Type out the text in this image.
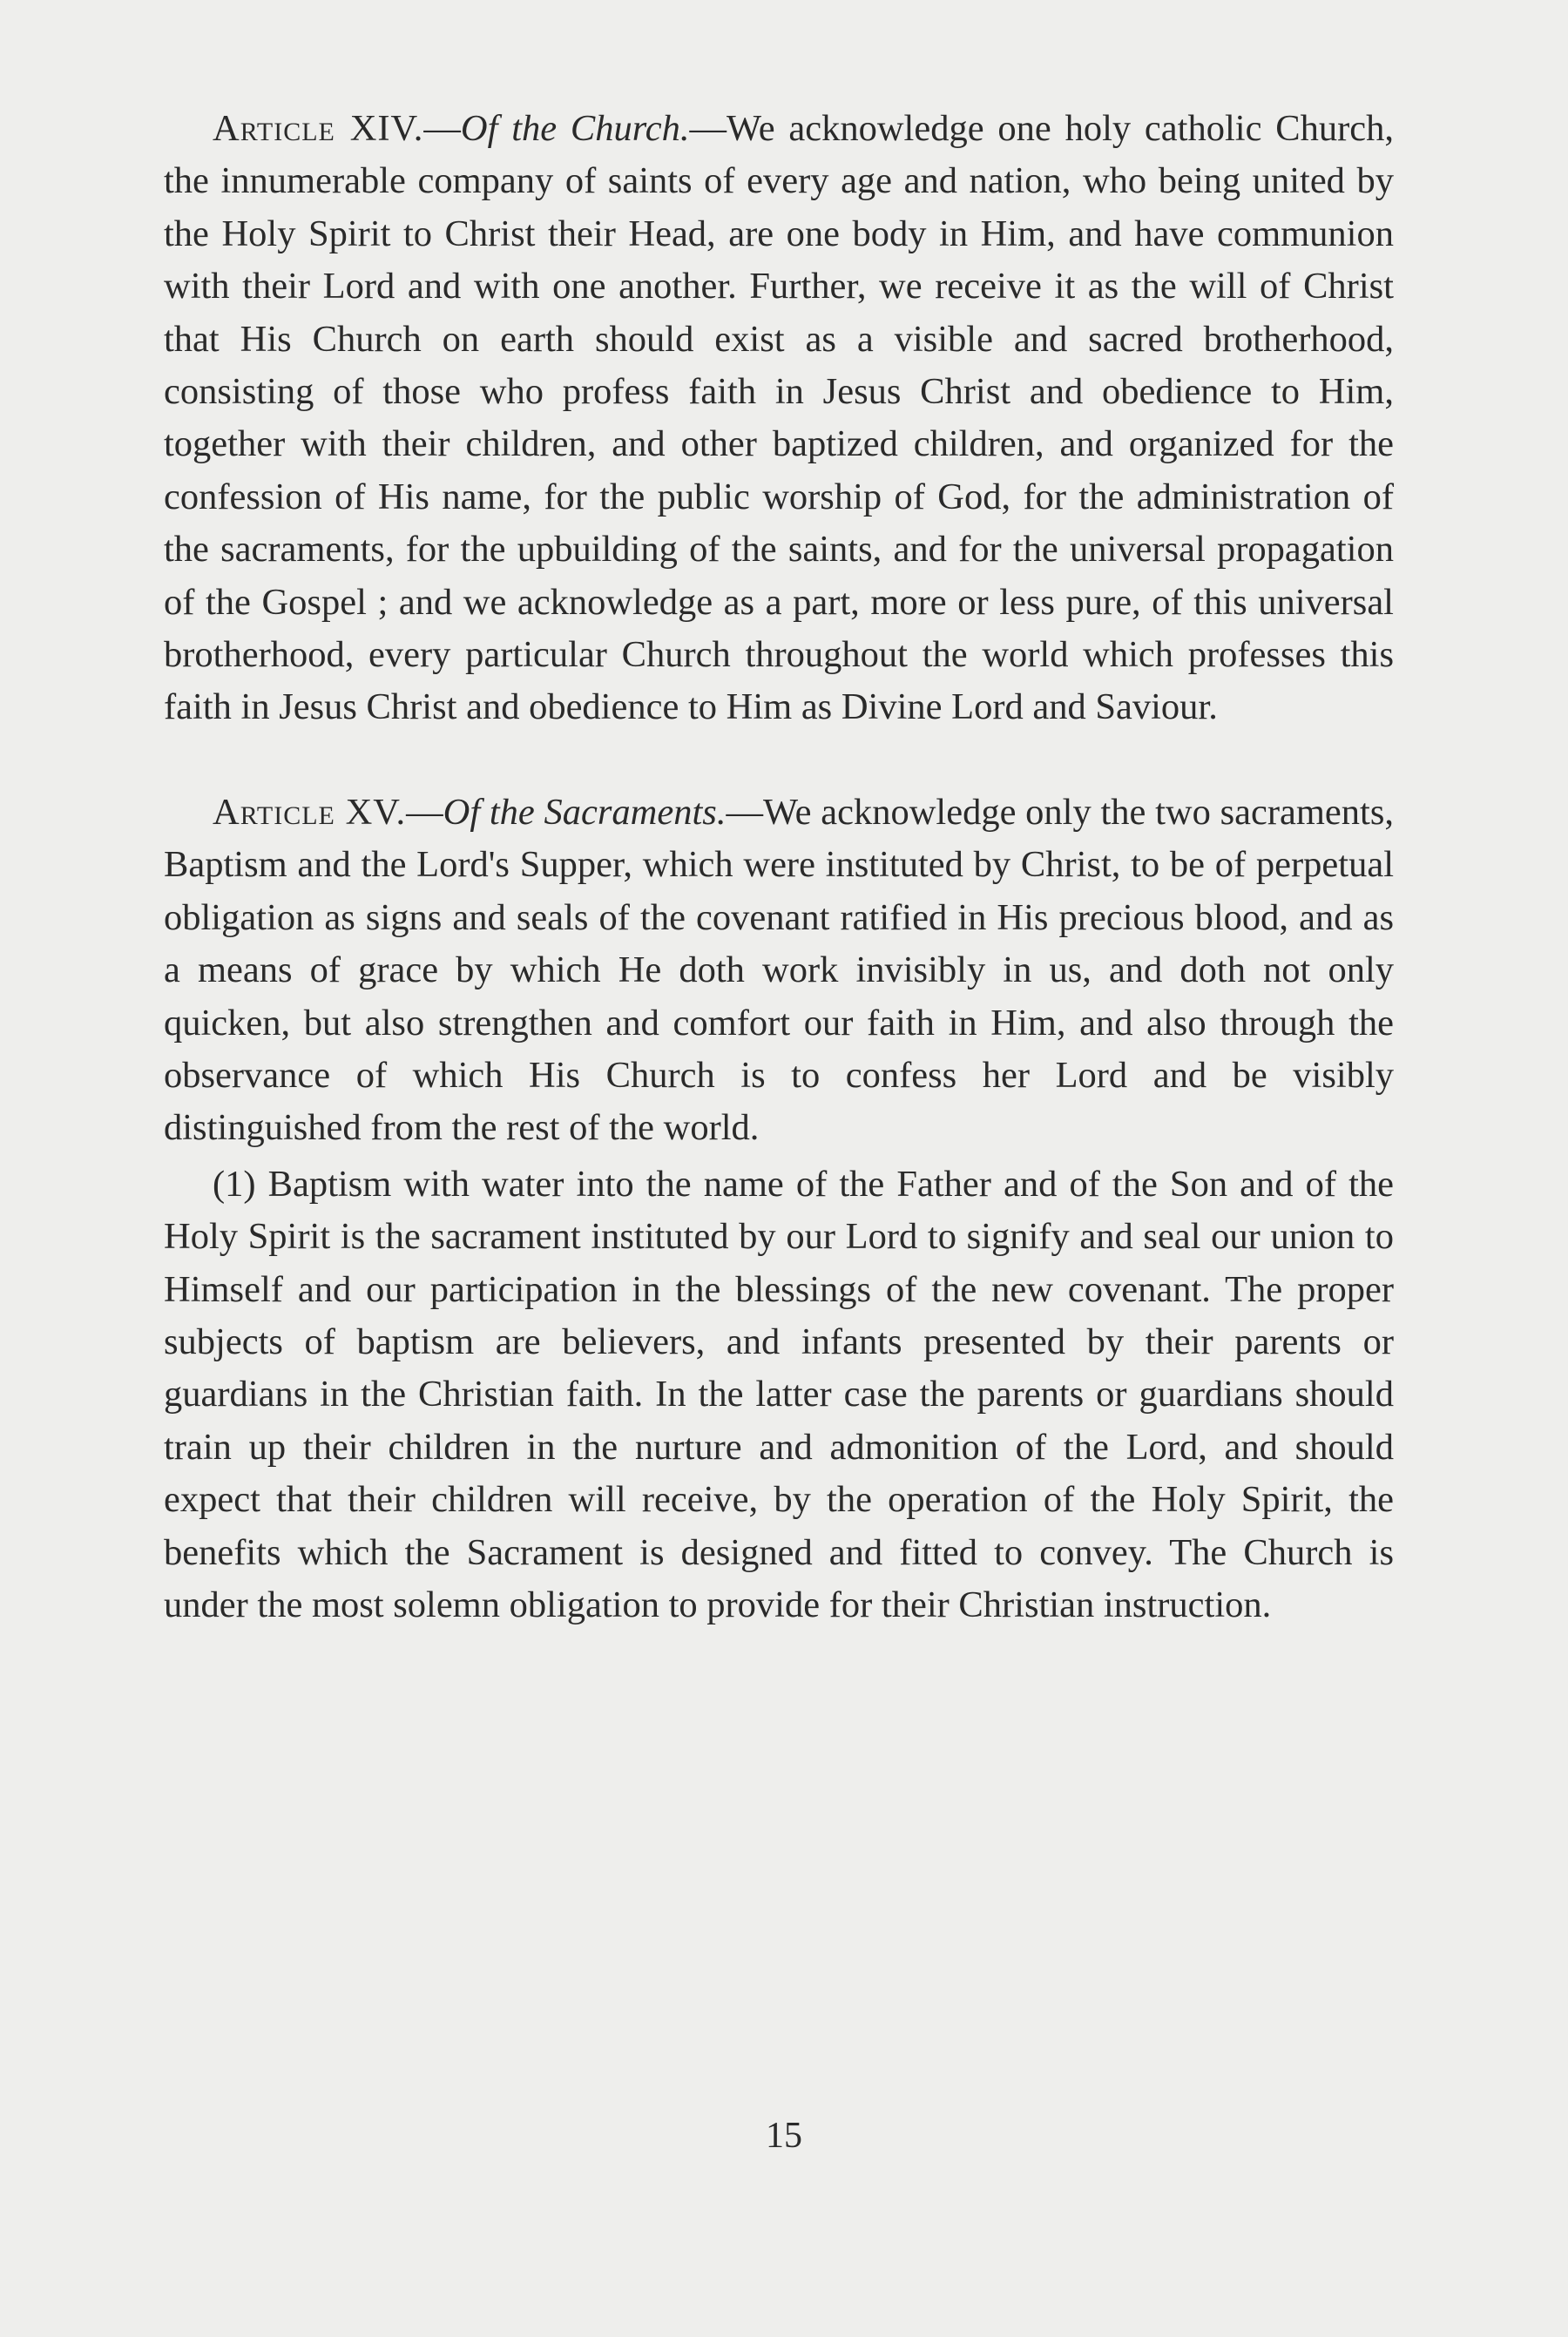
Article XIV.—Of the Church.—We acknowledge one holy catholic Church, the innumerable company of saints of every age and nation, who being united by the Holy Spirit to Christ their Head, are one body in Him, and have communion with their Lord and with one another. Further, we receive it as the will of Christ that His Church on earth should exist as a visible and sacred brotherhood, consisting of those who profess faith in Jesus Christ and obedience to Him, together with their children, and other baptized children, and organized for the confession of His name, for the public worship of God, for the administration of the sacraments, for the upbuilding of the saints, and for the universal propagation of the Gospel ; and we acknowledge as a part, more or less pure, of this universal brotherhood, every particular Church throughout the world which professes this faith in Jesus Christ and obedience to Him as Divine Lord and Saviour.

Article XV.—Of the Sacraments.—We acknowledge only the two sacraments, Baptism and the Lord's Supper, which were instituted by Christ, to be of perpetual obligation as signs and seals of the covenant ratified in His precious blood, and as a means of grace by which He doth work invisibly in us, and doth not only quicken, but also strengthen and comfort our faith in Him, and also through the observance of which His Church is to confess her Lord and be visibly distinguished from the rest of the world.

(1) Baptism with water into the name of the Father and of the Son and of the Holy Spirit is the sacrament instituted by our Lord to signify and seal our union to Himself and our participation in the blessings of the new covenant. The proper subjects of baptism are believers, and infants presented by their parents or guardians in the Christian faith. In the latter case the parents or guardians should train up their children in the nurture and admonition of the Lord, and should expect that their children will receive, by the operation of the Holy Spirit, the benefits which the Sacrament is designed and fitted to convey. The Church is under the most solemn obligation to provide for their Christian instruction.

15
